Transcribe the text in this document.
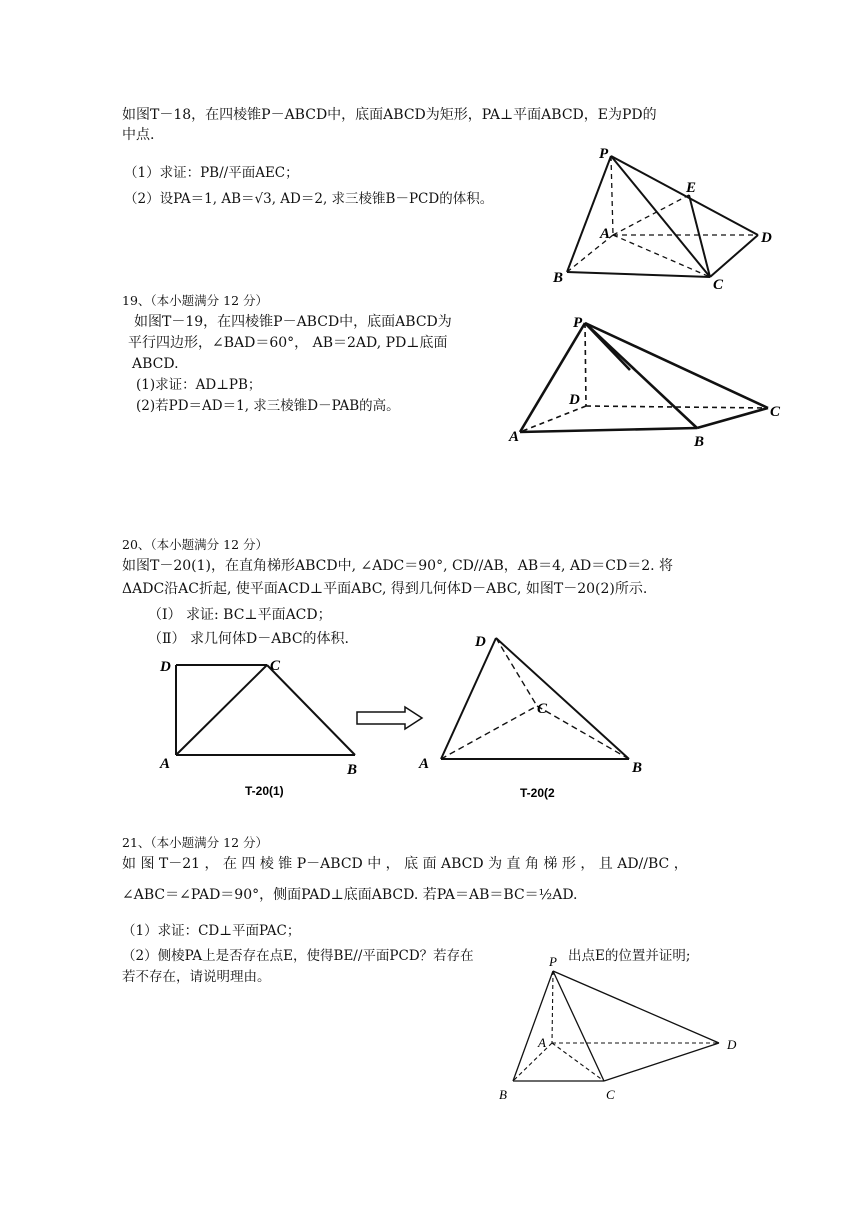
如图T－18，在四棱锥P－ABCD中，底面ABCD为矩形，PA⊥平面ABCD，E为PD的
中点.
（1）求证：PB//平面AEC；
（2）设PA＝1, AB＝√3, AD＝2, 求三棱锥B－PCD的体积。
P
E
A	D
B	C
19、（本小题满分 12 分）
如图T－19，在四棱锥P－ABCD中，底面ABCD为
平行四边形，∠BAD＝60°， AB＝2AD, PD⊥底面
ABCD.
(1)求证：AD⊥PB；
(2)若PD＝AD＝1, 求三棱锥D－PAB的高。
P
D
C
A	B
20、（本小题满分 12 分）
如图T－20(1)，在直角梯形ABCD中, ∠ADC＝90°, CD//AB，AB＝4, AD＝CD＝2. 将
ΔADC沿AC折起, 使平面ACD⊥平面ABC, 得到几何体D－ABC, 如图T－20(2)所示.
（Ⅰ） 求证: BC⊥平面ACD；
（Ⅱ） 求几何体D－ABC的体积.
D	C
A	B
T-20(1)
D
C
A	B
T-20(2
21、（本小题满分 12 分）
如 图 T－21 ， 在 四 棱 锥 P－ABCD 中 ， 底 面 ABCD 为 直 角 梯 形 ， 且 AD//BC ，
∠ABC＝∠PAD＝90°，侧面PAD⊥底面ABCD. 若PA＝AB＝BC＝½AD.
（1）求证：CD⊥平面PAC；
（2）侧棱PA上是否存在点E，使得BE//平面PCD？若存在	出点E的位置并证明;
若不存在，请说明理由。
P
A	D
B	C
